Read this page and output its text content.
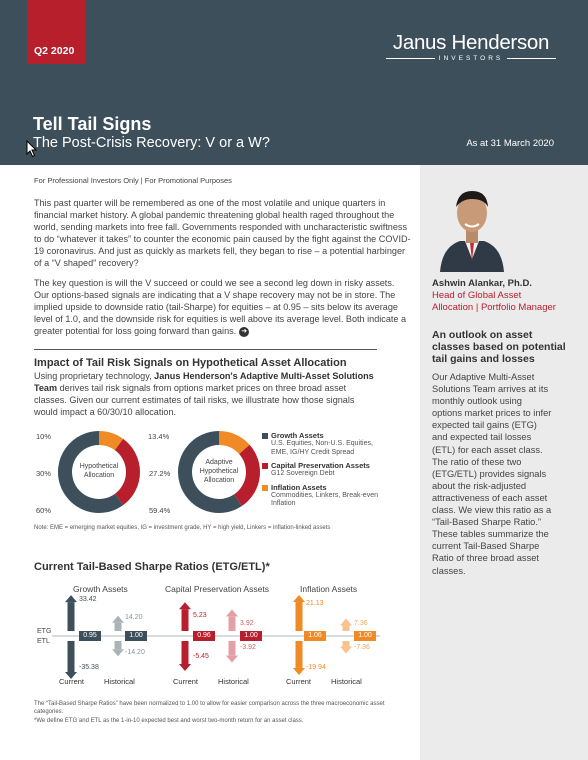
Q2 2020	Janus Henderson
INVESTORS
Tell Tail Signs
The Post-Crisis Recovery: V or a W?	As at 31 March 2020
Ashwin Alankar, Ph.D.
Head of Global Asset Allocation | Portfolio Manager
An outlook on asset classes based on potential tail gains and losses
Our Adaptive Multi-Asset Solutions Team arrives at its monthly outlook using options market prices to infer expected tail gains (ETG) and expected tail losses (ETL) for each asset class. The ratio of these two (ETG/ETL) provides signals about the risk-adjusted attractiveness of each asset class. We view this ratio as a “Tail-Based Sharpe Ratio.” These tables summarize the current Tail-Based Sharpe Ratio of three broad asset classes.
For Professional Investors Only | For Promotional Purposes
This past quarter will be remembered as one of the most volatile and unique quarters in financial market history. A global pandemic threatening global health raged throughout the world, sending markets into free fall. Governments responded with uncharacteristic swiftness to do “whatever it takes” to counter the economic pain caused by the fight against the COVID-19 coronavirus. And just as quickly as markets fell, they began to rise – a potential harbinger of a “V shaped” recovery?
The key question is will the V succeed or could we see a second leg down in risky assets. Our options-based signals are indicating that a V shape recovery may not be in store. The implied upside to downside ratio (tail-Sharpe) for equities – at 0.95 – sits below its average level of 1.0, and the downside risk for equities is well above its average level. Both indicate a greater potential for loss going forward than gains. ➜
Impact of Tail Risk Signals on Hypothetical Asset Allocation
Using proprietary technology, Janus Henderson's Adaptive Multi-Asset Solutions Team derives tail risk signals from options market prices on three broad asset classes. Given our current estimates of tail risks, we illustrate how those signals would impact a 60/30/10 allocation.
10%
30%
60%
Hypothetical Allocation
13.4%
27.2%
59.4%
Adaptive Hypothetical Allocation
Growth Assets
U.S. Equities, Non-U.S. Equities, EME, IG/HY Credit Spread
Capital Preservation Assets
G12 Sovereign Debt
Inflation Assets
Commodities, Linkers, Break-even Inflation
Note: EME = emerging market equities, IG = investment grade, HY = high yield, Linkers = inflation-linked assets
Current Tail-Based Sharpe Ratios (ETG/ETL)*
ETG
ETL
Growth Assets
33.42
0.95
-35.38
14.20
1.00
-14.20
Current	Historical
Capital Preservation Assets
5.23
0.96
-5.45
3.92
1.00
-3.92
Current	Historical
Inflation Assets
21.13
1.06
-19.94
7.36
1.00
-7.36
Current	Historical
The “Tail-Based Sharpe Ratios” have been normalized to 1.00 to allow for easier comparison across the three macroeconomic asset categories.
*We define ETG and ETL as the 1-in-10 expected best and worst two-month return for an asset class.
